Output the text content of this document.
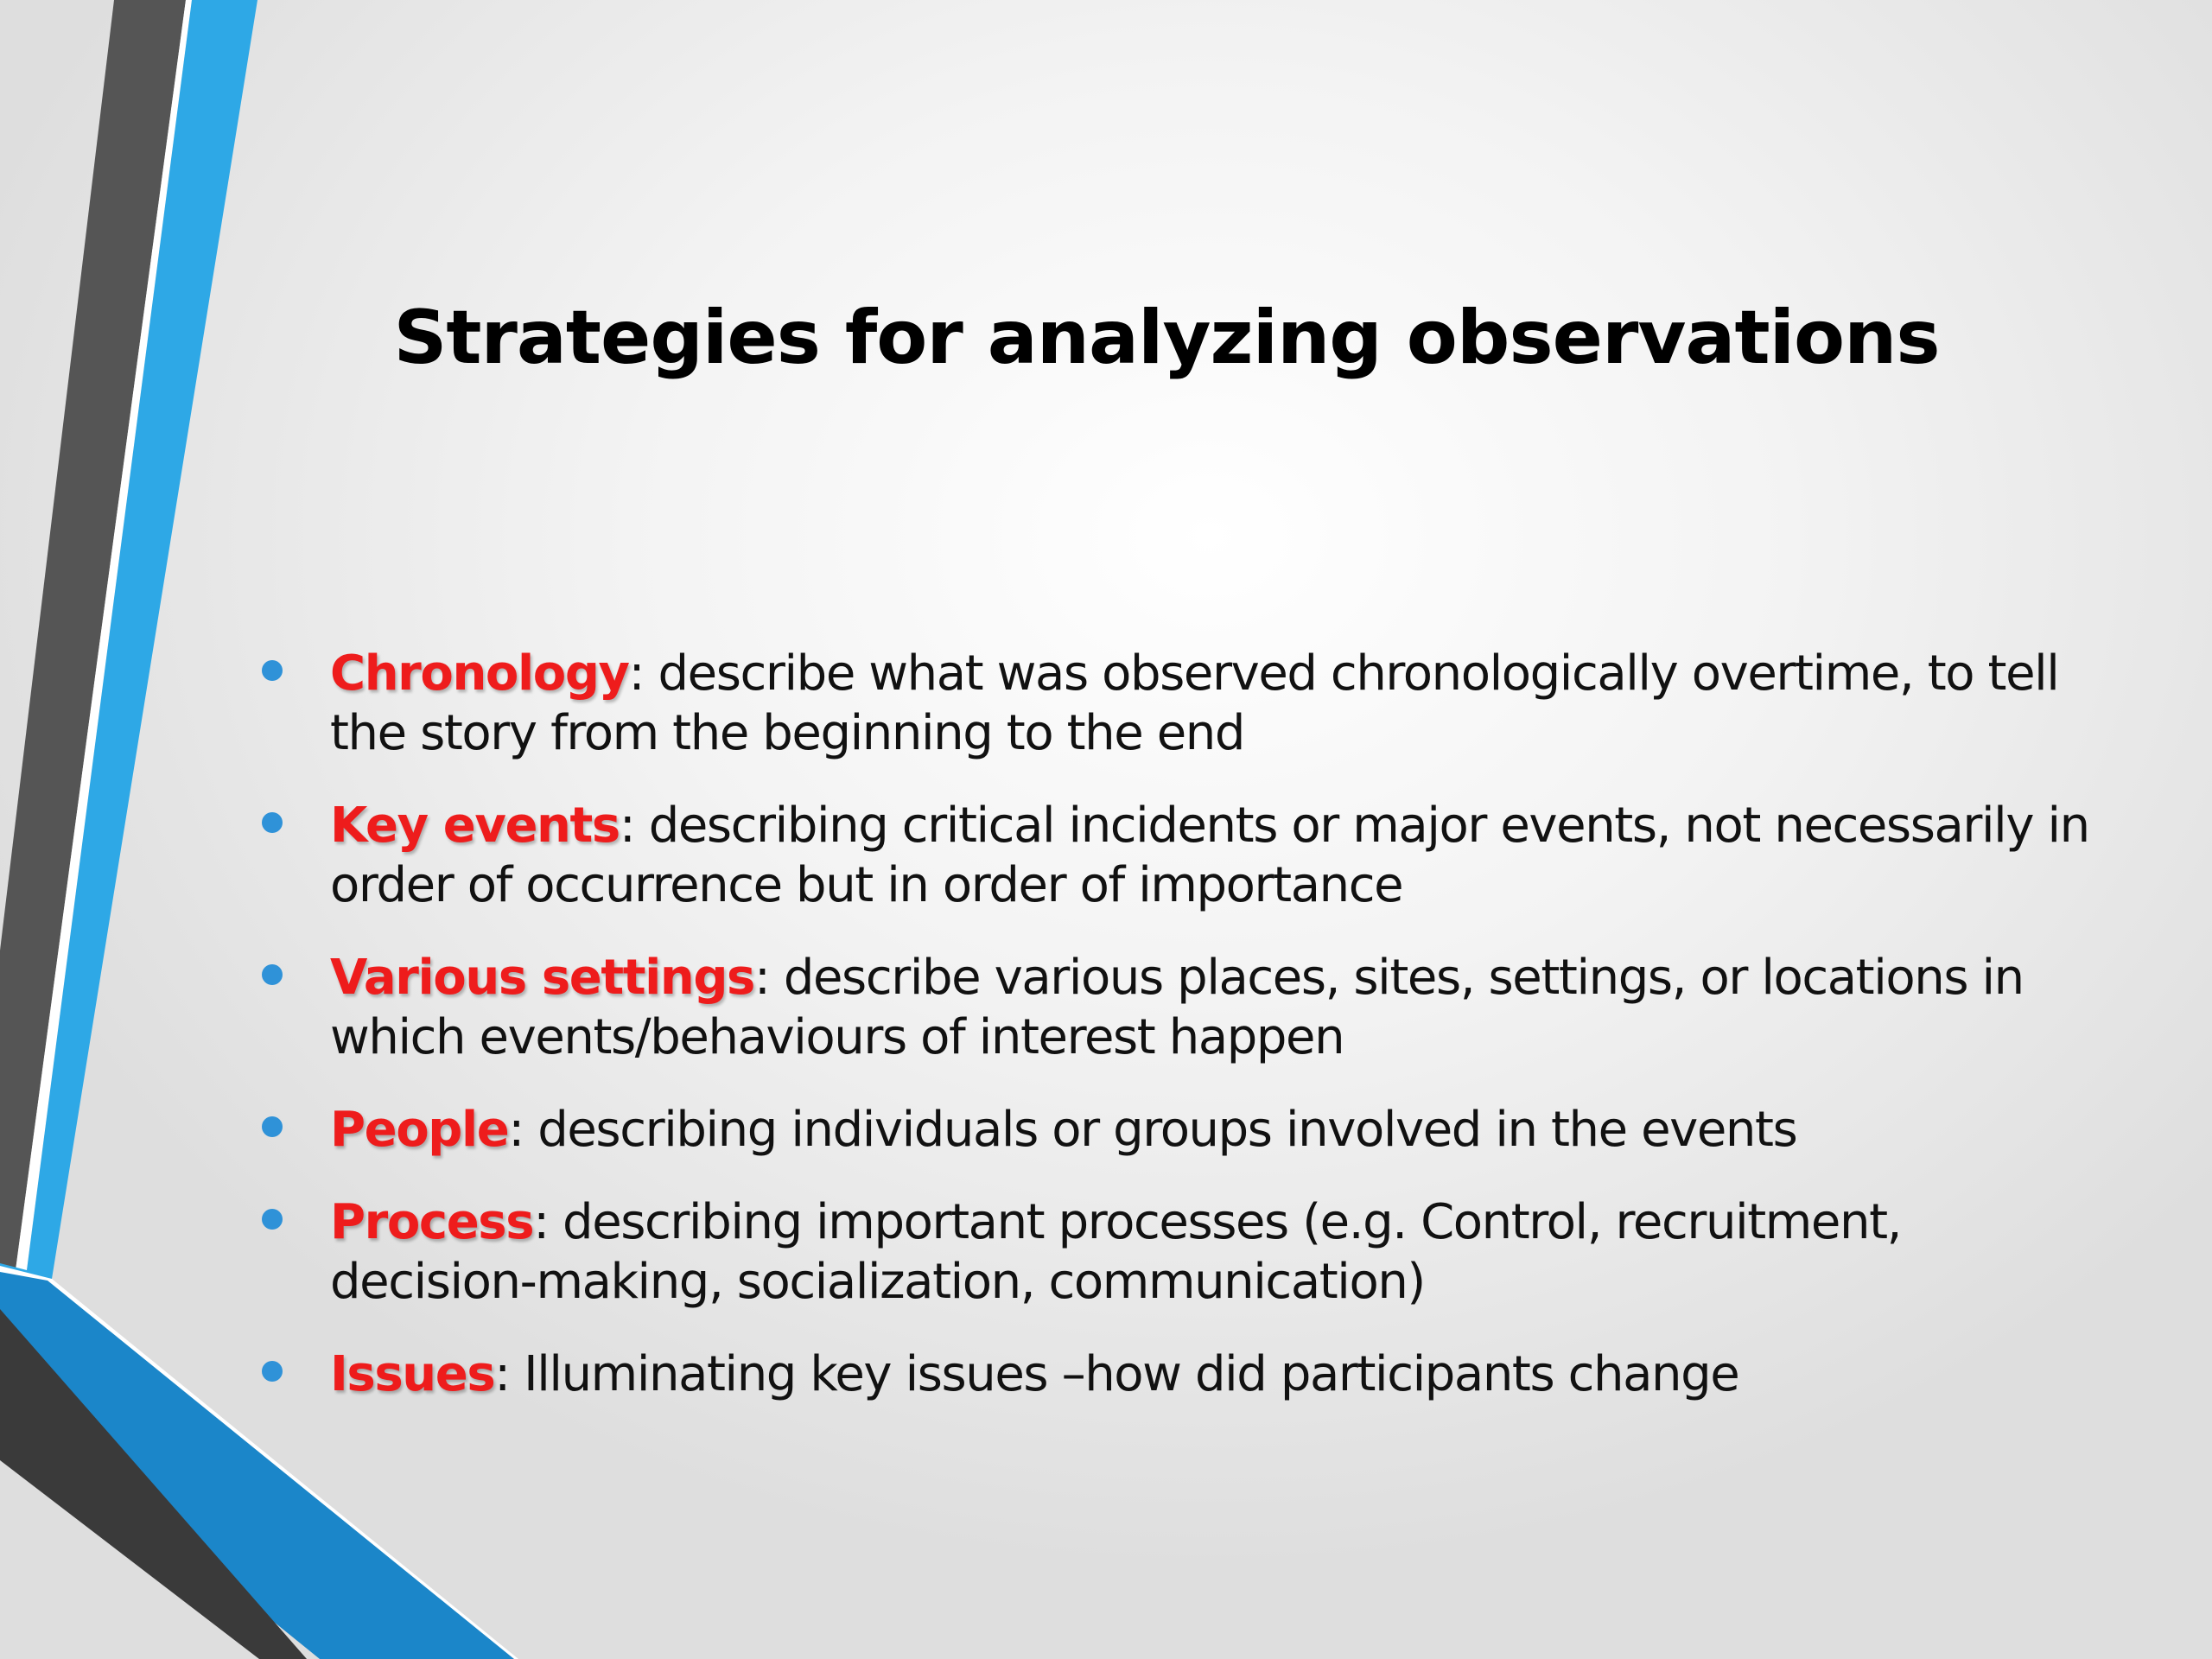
Strategies for analyzing observations
Chronology: describe what was observed chronologically overtime, to tell the story from the beginning to the end
Key events: describing critical incidents or major events, not necessarily in order of occurrence but in order of importance
Various settings: describe various places, sites, settings, or locations in which events/behaviours of interest happen
People: describing individuals or groups involved in the events
Process: describing important processes (e.g. Control, recruitment, decision-making, socialization, communication)
Issues: Illuminating key issues –how did participants change
